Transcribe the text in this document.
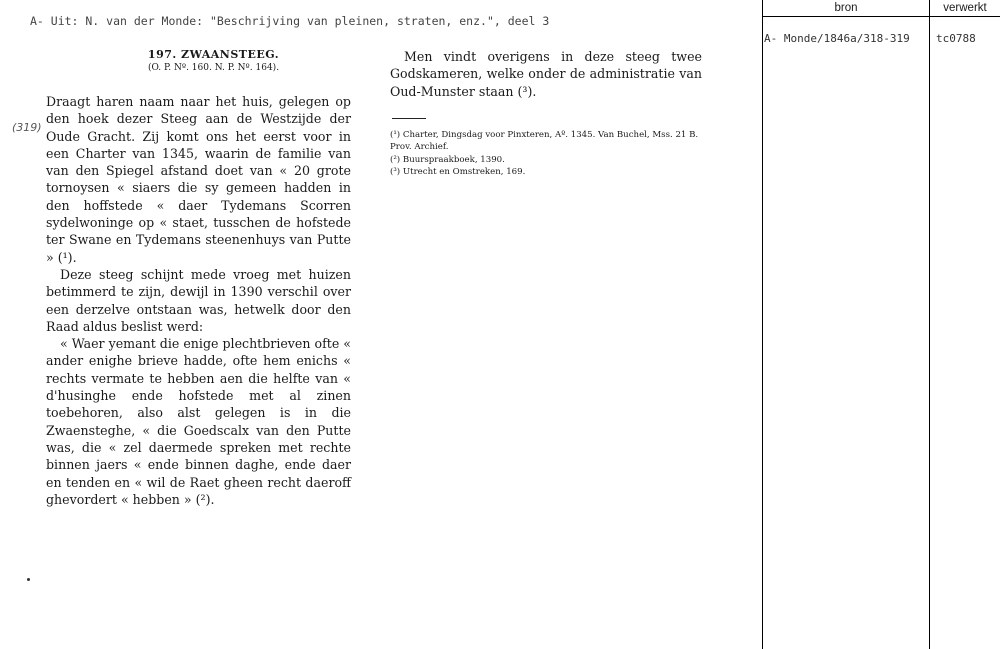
A- Uit: N. van der Monde: "Beschrijving van pleinen, straten, enz.", deel 3
(319)

197. ZWAANSTEEG.

(O. P. Nº. 160. N. P. Nº. 164).

Draagt haren naam naar het huis, gelegen op den hoek dezer Steeg aan de Westzijde der Oude Gracht. Zij komt ons het eerst voor in een Charter van 1345, waarin de familie van van den Spiegel afstand doet van « 20 grote tornoysen « siaers die sy gemeen hadden in den hoffstede « daer Tydemans Scorren sydelwoninge op « staet, tusschen de hofstede ter Swane en Tydemans steenenhuys van Putte » (¹).

Deze steeg schijnt mede vroeg met huizen betimmerd te zijn, dewijl in 1390 verschil over een derzelve ontstaan was, hetwelk door den Raad aldus beslist werd:

« Waer yemant die enige plechtbrieven ofte « ander enighe brieve hadde, ofte hem enichs « rechts vermate te hebben aen die helfte van « d'husinghe ende hofstede met al zinen toebehoren, also alst gelegen is in die Zwaensteghe, « die Goedscalx van den Putte was, die « zel daermede spreken met rechte binnen jaers « ende binnen daghe, ende daer en tenden en « wil de Raet gheen recht daeroff ghevordert « hebben » (²).

Men vindt overigens in deze steeg twee Godskameren, welke onder de administratie van Oud-Munster staan (³).

(¹) Charter, Dingsdag voor Pinxteren, Aº. 1345. Van Buchel, Mss. 21 B. Prov. Archief.
(²) Buurspraakboek, 1390.
(³) Utrecht en Omstreken, 169.
bron	verwerkt
A- Monde/1846a/318-319 tc0788
